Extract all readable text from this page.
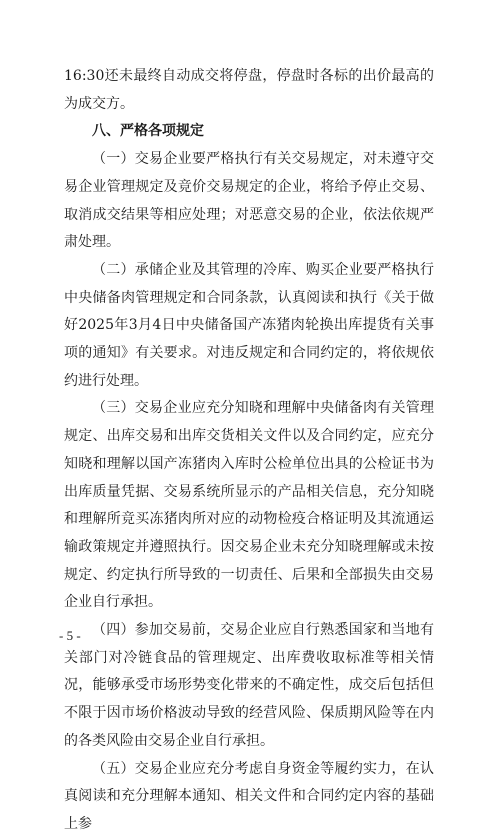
16:30还未最终自动成交将停盘，停盘时各标的出价最高的为成交方。

八、严格各项规定

（一）交易企业要严格执行有关交易规定，对未遵守交易企业管理规定及竞价交易规定的企业，将给予停止交易、取消成交结果等相应处理；对恶意交易的企业，依法依规严肃处理。

（二）承储企业及其管理的冷库、购买企业要严格执行中央储备肉管理规定和合同条款，认真阅读和执行《关于做好2025年3月4日中央储备国产冻猪肉轮换出库提货有关事项的通知》有关要求。对违反规定和合同约定的，将依规依约进行处理。

（三）交易企业应充分知晓和理解中央储备肉有关管理规定、出库交易和出库交货相关文件以及合同约定，应充分知晓和理解以国产冻猪肉入库时公检单位出具的公检证书为出库质量凭据、交易系统所显示的产品相关信息，充分知晓和理解所竞买冻猪肉所对应的动物检疫合格证明及其流通运输政策规定并遵照执行。因交易企业未充分知晓理解或未按规定、约定执行所导致的一切责任、后果和全部损失由交易企业自行承担。

（四）参加交易前，交易企业应自行熟悉国家和当地有关部门对冷链食品的管理规定、出库费收取标准等相关情况，能够承受市场形势变化带来的不确定性，成交后包括但不限于因市场价格波动导致的经营风险、保质期风险等在内的各类风险由交易企业自行承担。

（五）交易企业应充分考虑自身资金等履约实力，在认真阅读和充分理解本通知、相关文件和合同约定内容的基础上参

- 5 -
